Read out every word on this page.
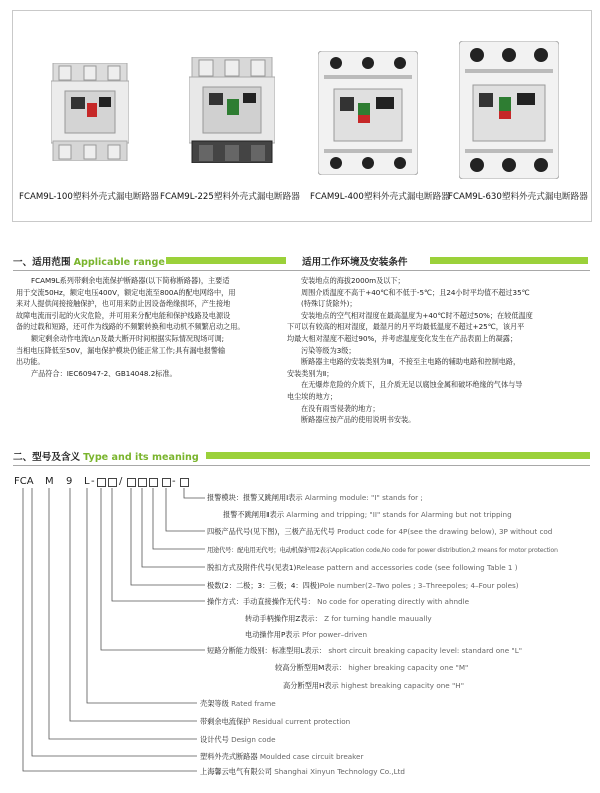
FCAM9L-100塑料外壳式漏电断路器 FCAM9L-225塑料外壳式漏电断路器 FCAM9L-400塑料外壳式漏电断路器
FCAM9L-630塑料外壳式漏电断路器
一、适用范围 Applicable range	适用工作环境及安装条件

FCAM9L系列带剩余电流保护断路器(以下简称断路器)，主要适

用于交流50Hz，额定电压400V，额定电流至800A的配电网络中，用

来对人提供间接接触保护，也可用来防止因设备绝缘损坏，产生接地

故障电流而引起的火灾危险，并可用来分配电能和保护线路及电源设

备的过载和短路，还可作为线路的不频繁转换和电动机不频繁启动之用。

额定剩余动作电流I△n及最大断开时间根据实际情况现场可调;

当相电压降低至50V，漏电保护模块仍能正常工作;具有漏电报警输

出功能。

产品符合：IEC60947-2、GB14048.2标准。

安装地点的海拔2000m及以下；

周围介质温度不高于+40℃和不低于-5℃；且24小时平均值不超过35℃

(特殊订货除外)；

安装地点的空气相对湿度在最高温度为+40℃时不超过50%；在较低温度

下可以有较高的相对湿度，最湿月的月平均最低温度不超过+25℃，该月平

均最大相对湿度不超过90%，并考虑温度变化发生在产品表面上的凝露；

污染等级为3级；

断路器主电路的安装类别为Ⅲ，不接至主电路的辅助电路和控制电路，

安装类别为Ⅱ；

在无爆炸危险的介质下，且介质无足以腐蚀金属和破坏绝缘的气体与导

电尘埃的地方；

在没有雨雪侵袭的地方；

断路器应按产品的使用说明书安装。

二、型号及含义 Type and its meaning
FCA M 9 L - /	-
报警模块：报警又跳闸用Ⅰ表示 Alarming module: "I" stands for ;
报警不跳闸用Ⅱ表示 Alarming and tripping; "II" stands for Alarming but not tripping
四极产品代号(见下图)，三极产品无代号 Product code for 4P(see the drawing below), 3P without cod
用途代号：配电用无代号；电动机保护用2表示Application code,No code for power distribution,2 means for motor protection
脱扣方式及附件代号(见表1)Release pattern and accessories code (see following Table 1 )
极数(2：二极；3：三极；4：四极)Pole number(2–Two poles ; 3–Threepoles; 4–Four poles)
操作方式：手动直接操作无代号： No code for operating directly with ahndle
转动手柄操作用Z表示： Z for turning handle mauually
电动操作用P表示 Pfor power–driven
短路分断能力级别：标准型用L表示： short circuit breaking capacity level: standard one "L"
较高分断型用M表示： higher breaking capacity one "M"
高分断型用H表示 highest breaking capacity one "H"
壳架等级 Rated frame
带剩余电流保护 Residual current protection
设计代号 Design code
塑料外壳式断路器 Moulded case circuit breaker
上海馨云电气有限公司 Shanghai Xinyun Technology Co.,Ltd
